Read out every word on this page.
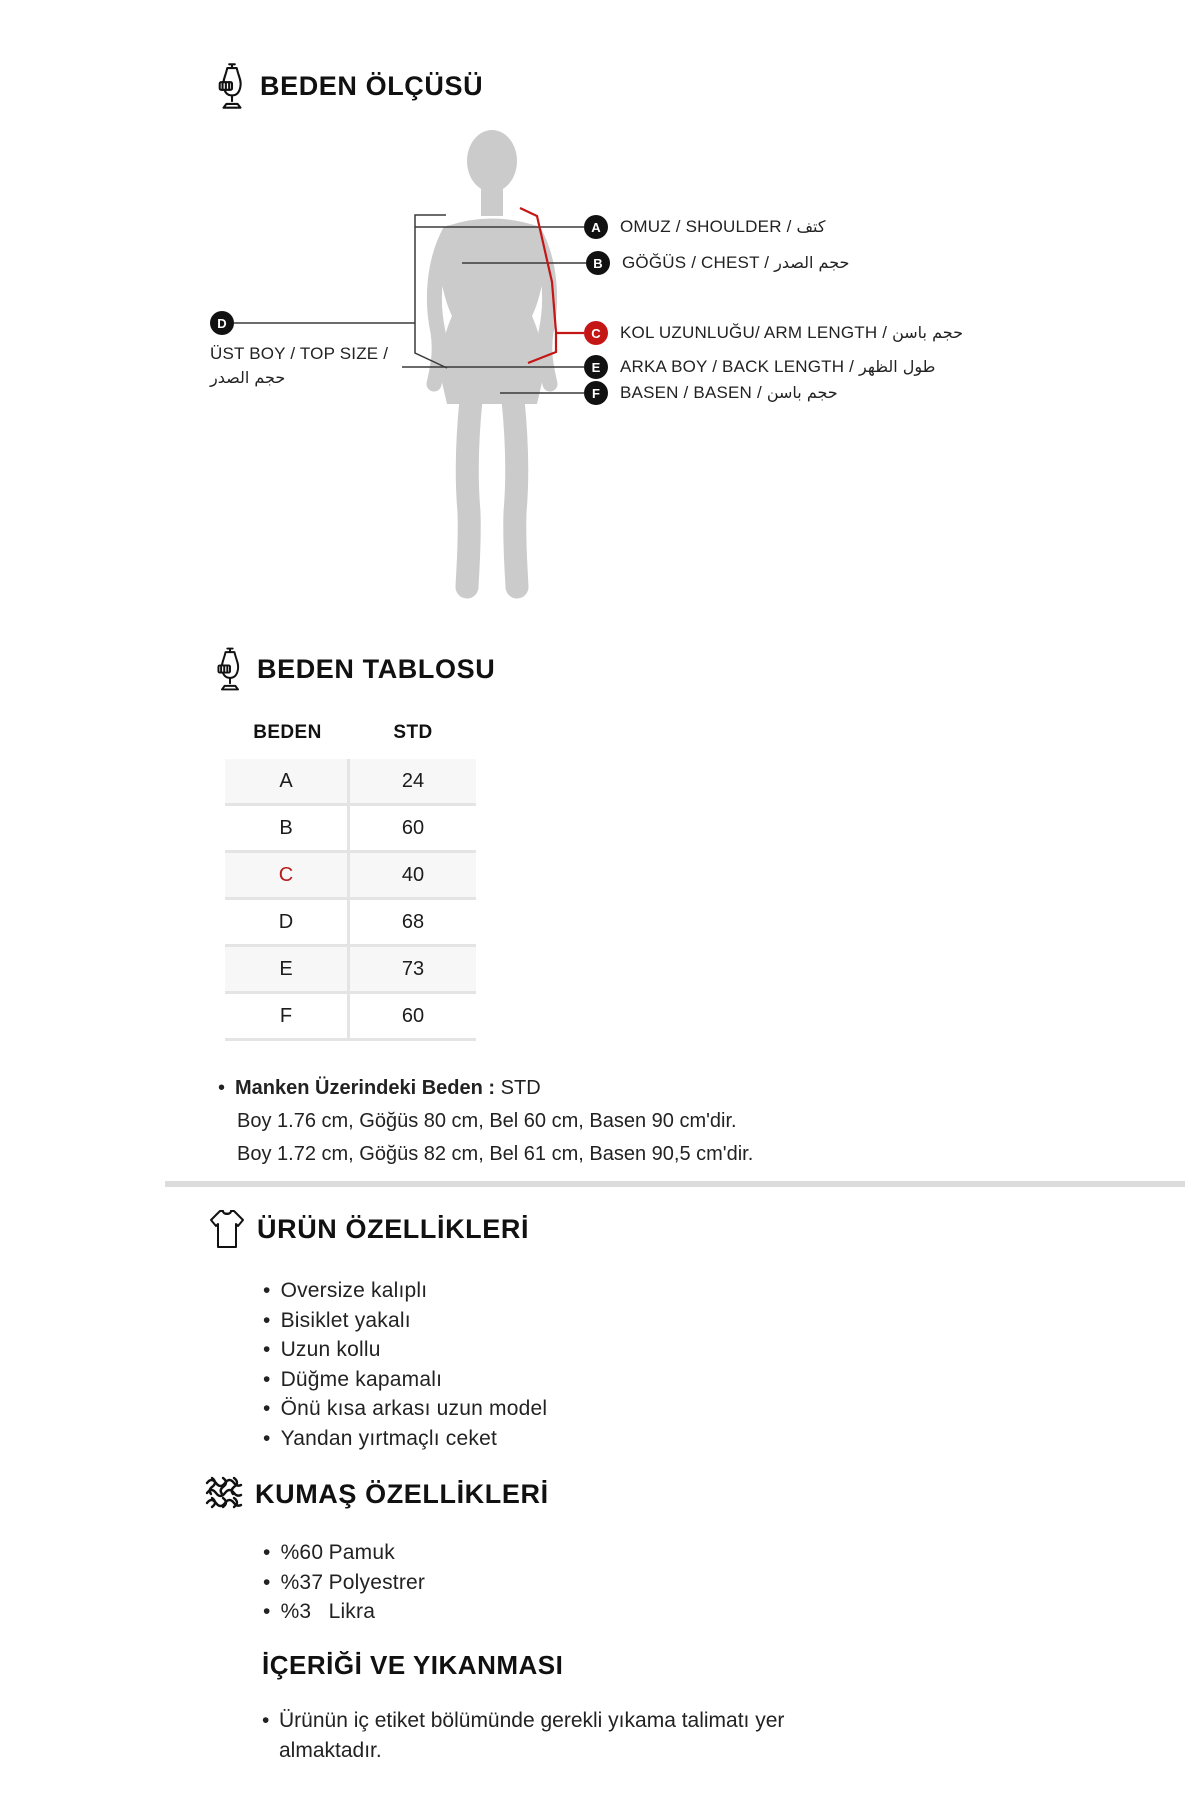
BEDEN ÖLÇÜSÜ
A OMUZ / SHOULDER / كتف
B GÖĞÜS / CHEST / حجم الصدر
C KOL UZUNLUĞU/ ARM LENGTH / حجم باسن
E ARKA BOY / BACK LENGTH / طول الظهر
F BASEN / BASEN / حجم باسن
D
ÜST BOY / TOP SIZE /
حجم الصدر
BEDEN TABLOSU
BEDEN	STD
A	24
B	60
C	40
D	68
E	73
F	60
• Manken Üzerindeki Beden : STD
Boy 1.76 cm, Göğüs 80 cm, Bel 60 cm, Basen 90 cm'dir.
Boy 1.72 cm, Göğüs 82 cm, Bel 61 cm, Basen 90,5 cm'dir.
ÜRÜN ÖZELLİKLERİ
• Oversize kalıplı
• Bisiklet yakalı
• Uzun kollu
• Düğme kapamalı
• Önü kısa arkası uzun model
• Yandan yırtmaçlı ceket
KUMAŞ ÖZELLİKLERİ
• %60 Pamuk
• %37 Polyestrer
• %3 Likra
İÇERİĞİ VE YIKANMASI
• Ürünün iç etiket bölümünde gerekli yıkama talimatı yer almaktadır.
